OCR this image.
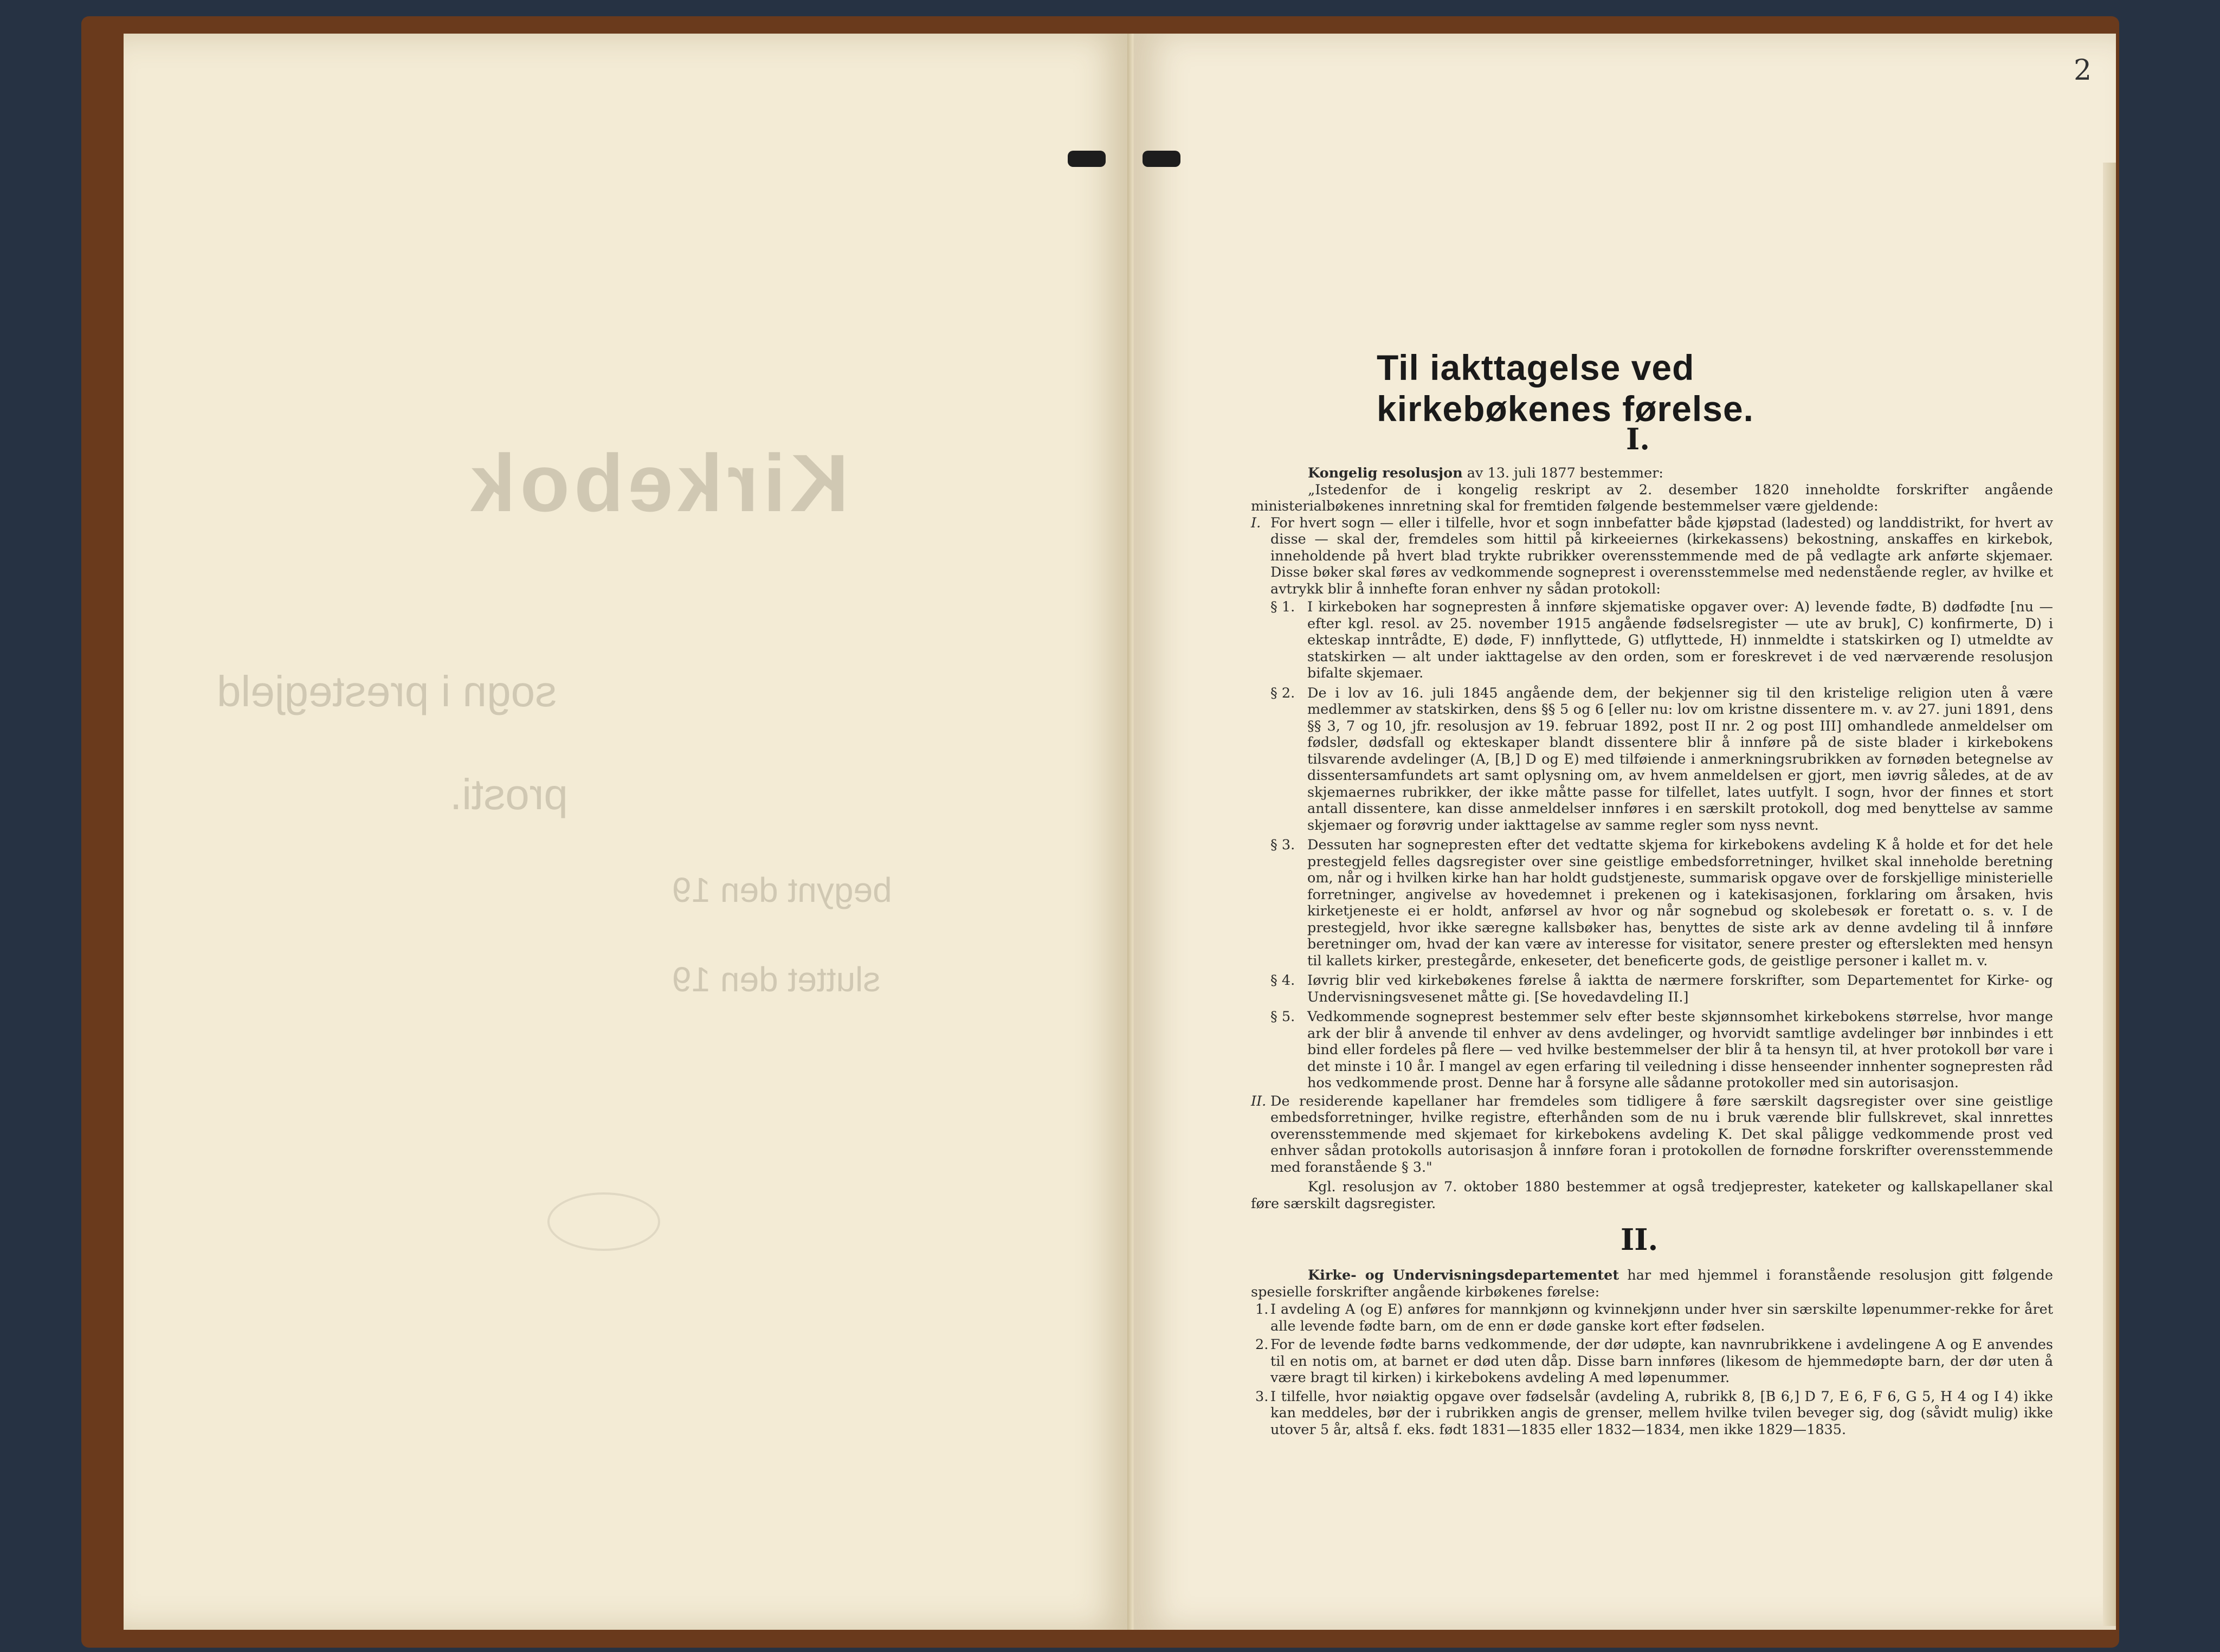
Kirkebok
sogn i prestegjeld
prosti.
begynt den 19
sluttet den 19
2
Til iakttagelse ved kirkebøkenes førelse.
I.

Kongelig resolusjon av 13. juli 1877 bestemmer:

„Istedenfor de i kongelig reskript av 2. desember 1820 inneholdte forskrifter angående ministerialbøkenes innretning skal for fremtiden følgende bestemmelser være gjeldende:

I. For hvert sogn — eller i tilfelle, hvor et sogn innbefatter både kjøpstad (ladested) og landdistrikt, for hvert av disse — skal der, fremdeles som hittil på kirkeeiernes (kirkekassens) bekostning, anskaffes en kirkebok, inneholdende på hvert blad trykte rubrikker overensstemmende med de på vedlagte ark anførte skjemaer. Disse bøker skal føres av vedkommende sogneprest i overensstemmelse med nedenstående regler, av hvilke et avtrykk blir å innhefte foran enhver ny sådan protokoll:
§ 1. I kirkeboken har sognepresten å innføre skjematiske opgaver over: A) levende fødte, B) dødfødte [nu — efter kgl. resol. av 25. november 1915 angående fødselsregister — ute av bruk], C) konfirmerte, D) i ekteskap inntrådte, E) døde, F) innflyttede, G) utflyttede, H) innmeldte i statskirken og I) utmeldte av statskirken — alt under iakttagelse av den orden, som er foreskrevet i de ved nærværende resolusjon bifalte skjemaer.
§ 2. De i lov av 16. juli 1845 angående dem, der bekjenner sig til den kristelige religion uten å være medlemmer av statskirken, dens §§ 5 og 6 [eller nu: lov om kristne dissentere m. v. av 27. juni 1891, dens §§ 3, 7 og 10, jfr. resolusjon av 19. februar 1892, post II nr. 2 og post III] omhandlede anmeldelser om fødsler, dødsfall og ekteskaper blandt dissentere blir å innføre på de siste blader i kirkebokens tilsvarende avdelinger (A, [B,] D og E) med tilføiende i anmerkningsrubrikken av fornøden betegnelse av dissentersamfundets art samt oplysning om, av hvem anmeldelsen er gjort, men iøvrig således, at de av skjemaernes rubrikker, der ikke måtte passe for tilfellet, lates uutfylt. I sogn, hvor der finnes et stort antall dissentere, kan disse anmeldelser innføres i en særskilt protokoll, dog med benyttelse av samme skjemaer og forøvrig under iakttagelse av samme regler som nyss nevnt.
§ 3. Dessuten har sognepresten efter det vedtatte skjema for kirkebokens avdeling K å holde et for det hele prestegjeld felles dagsregister over sine geistlige embedsforretninger, hvilket skal inneholde beretning om, når og i hvilken kirke han har holdt gudstjeneste, summarisk opgave over de forskjellige ministerielle forretninger, angivelse av hovedemnet i prekenen og i katekisasjonen, forklaring om årsaken, hvis kirketjeneste ei er holdt, anførsel av hvor og når sognebud og skolebesøk er foretatt o. s. v. I de prestegjeld, hvor ikke særegne kallsbøker has, benyttes de siste ark av denne avdeling til å innføre beretninger om, hvad der kan være av interesse for visitator, senere prester og efterslekten med hensyn til kallets kirker, prestegårde, enkeseter, det beneficerte gods, de geistlige personer i kallet m. v.
§ 4. Iøvrig blir ved kirkebøkenes førelse å iaktta de nærmere forskrifter, som Departementet for Kirke- og Undervisningsvesenet måtte gi. [Se hovedavdeling II.]
§ 5. Vedkommende sogneprest bestemmer selv efter beste skjønnsomhet kirkebokens størrelse, hvor mange ark der blir å anvende til enhver av dens avdelinger, og hvorvidt samtlige avdelinger bør innbindes i ett bind eller fordeles på flere — ved hvilke bestemmelser der blir å ta hensyn til, at hver protokoll bør vare i det minste i 10 år. I mangel av egen erfaring til veiledning i disse henseender innhenter sognepresten råd hos vedkommende prost. Denne har å forsyne alle sådanne protokoller med sin autorisasjon.
II. De residerende kapellaner har fremdeles som tidligere å føre særskilt dagsregister over sine geistlige embedsforretninger, hvilke registre, efterhånden som de nu i bruk værende blir fullskrevet, skal innrettes overensstemmende med skjemaet for kirkebokens avdeling K. Det skal påligge vedkommende prost ved enhver sådan protokolls autorisasjon å innføre foran i protokollen de fornødne forskrifter overensstemmende med foranstående § 3."

Kgl. resolusjon av 7. oktober 1880 bestemmer at også tredjeprester, kateketer og kallskapellaner skal føre særskilt dagsregister.

II.

Kirke- og Undervisningsdepartementet har med hjemmel i foranstående resolusjon gitt følgende spesielle forskrifter angående kirbøkenes førelse:

1. I avdeling A (og E) anføres for mannkjønn og kvinnekjønn under hver sin særskilte løpenummer-rekke for året alle levende fødte barn, om de enn er døde ganske kort efter fødselen.
2. For de levende fødte barns vedkommende, der dør udøpte, kan navnrubrikkene i avdelingene A og E anvendes til en notis om, at barnet er død uten dåp. Disse barn innføres (likesom de hjemmedøpte barn, der dør uten å være bragt til kirken) i kirkebokens avdeling A med løpenummer.
3. I tilfelle, hvor nøiaktig opgave over fødselsår (avdeling A, rubrikk 8, [B 6,] D 7, E 6, F 6, G 5, H 4 og I 4) ikke kan meddeles, bør der i rubrikken angis de grenser, mellem hvilke tvilen beveger sig, dog (såvidt mulig) ikke utover 5 år, altså f. eks. født 1831—1835 eller 1832—1834, men ikke 1829—1835.
